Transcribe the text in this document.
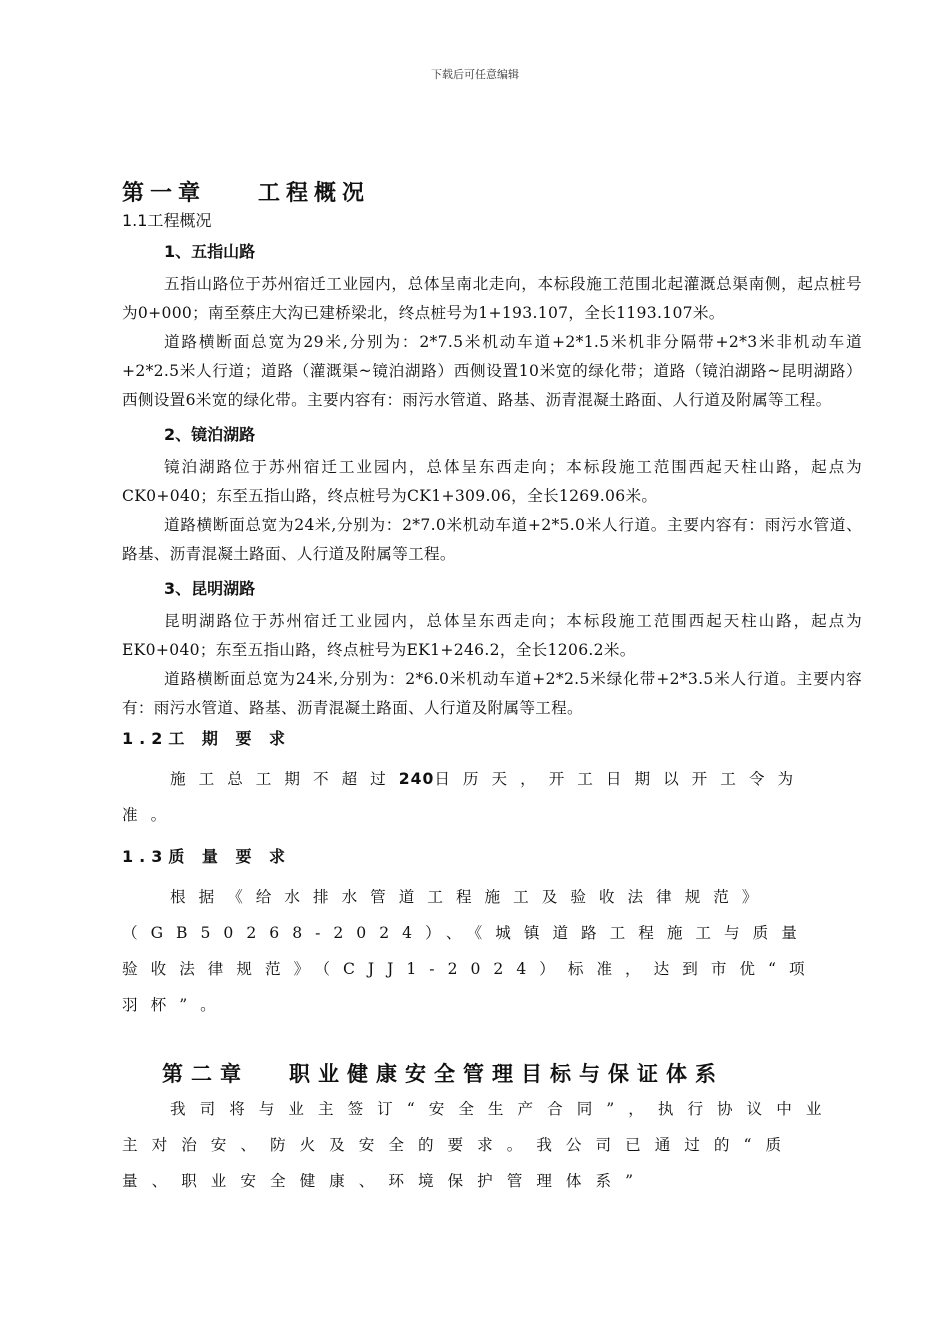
下载后可任意编辑
第一章 工程概况
1.1工程概况
1、五指山路

五指山路位于苏州宿迁工业园内，总体呈南北走向，本标段施工范围北起灌溉总渠南侧，起点桩号为0+000；南至蔡庄大沟已建桥梁北，终点桩号为1+193.107，全长1193.107米。

道路横断面总宽为29米,分别为：2*7.5米机动车道+2*1.5米机非分隔带+2*3米非机动车道+2*2.5米人行道；道路（灌溉渠~镜泊湖路）西侧设置10米宽的绿化带；道路（镜泊湖路~昆明湖路）西侧设置6米宽的绿化带。主要内容有：雨污水管道、路基、沥青混凝土路面、人行道及附属等工程。

2、镜泊湖路

镜泊湖路位于苏州宿迁工业园内，总体呈东西走向；本标段施工范围西起天柱山路，起点为CK0+040；东至五指山路，终点桩号为CK1+309.06，全长1269.06米。

道路横断面总宽为24米,分别为：2*7.0米机动车道+2*5.0米人行道。主要内容有：雨污水管道、路基、沥青混凝土路面、人行道及附属等工程。

3、昆明湖路

昆明湖路位于苏州宿迁工业园内，总体呈东西走向；本标段施工范围西起天柱山路，起点为EK0+040；东至五指山路，终点桩号为EK1+246.2，全长1206.2米。

道路横断面总宽为24米,分别为：2*6.0米机动车道+2*2.5米绿化带+2*3.5米人行道。主要内容有：雨污水管道、路基、沥青混凝土路面、人行道及附属等工程。

1.2工 期 要 求

施工总工期不超过240日历天，开工日期以开工令为准。

1.3质 量 要 求

根据《给水排水管道工程施工及验收法律规范》（GB50268-2024）、《城镇道路工程施工与质量验收法律规范》（CJJ1-2024）标准，达到市优“项羽杯”。

第二章 职业健康安全管理目标与保证体系

我司将与业主签订“安全生产合同”，执行协议中业主对治安、防火及安全的要求。我公司已通过的“质量、职业安全健康、环境保护管理体系”
